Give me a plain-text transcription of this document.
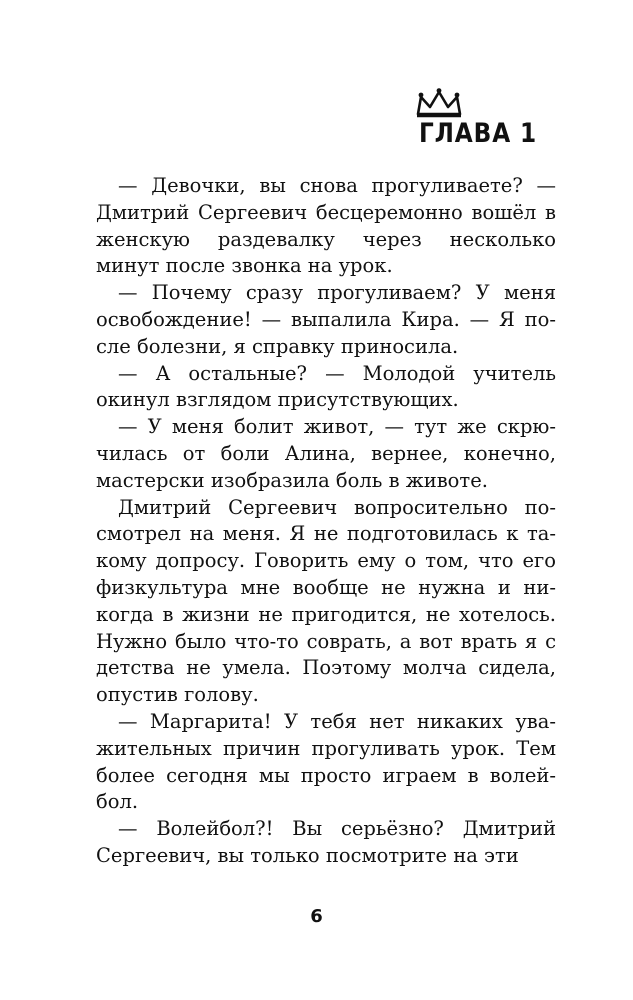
ГЛАВА 1

— Девочки, вы снова прогуливаете? — Дмитрий Сергеевич бесцеремонно вошёл в женскую раздевалку через несколько минут после звонка на урок.

— Почему сразу прогуливаем? У меня освобождение! — выпалила Кира. — Я после болезни, я справку приносила.

— А остальные? — Молодой учитель окинул взглядом присутствующих.

— У меня болит живот, — тут же скрючилась от боли Алина, вернее, конечно, мастерски изобразила боль в животе.

Дмитрий Сергеевич вопросительно посмотрел на меня. Я не подготовилась к такому допросу. Говорить ему о том, что его физкультура мне вообще не нужна и никогда в жизни не пригодится, не хотелось. Нужно было что-то соврать, а вот врать я с детства не умела. Поэтому молча сидела, опустив голову.

— Маргарита! У тебя нет никаких уважительных причин прогуливать урок. Тем более сегодня мы просто играем в волейбол.

— Волейбол?! Вы серьёзно? Дмитрий Сергеевич, вы только посмотрите на эти

6
